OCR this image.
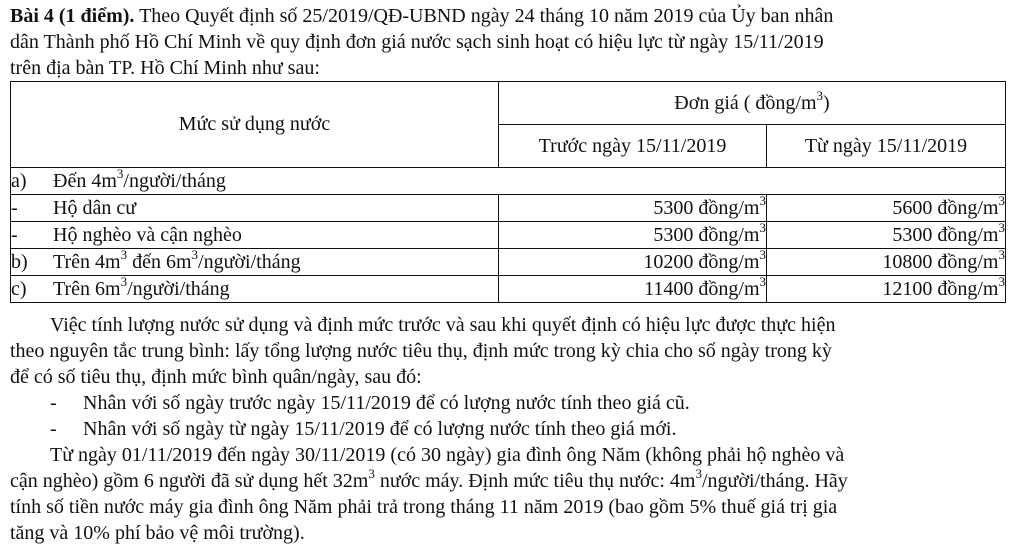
Bài 4 (1 điểm). Theo Quyết định số 25/2019/QĐ-UBND ngày 24 tháng 10 năm 2019 của Ủy ban nhân
dân Thành phố Hồ Chí Minh về quy định đơn giá nước sạch sinh hoạt có hiệu lực từ ngày 15/11/2019
trên địa bàn TP. Hồ Chí Minh như sau:

Mức sử dụng nước	Đơn giá ( đồng/$m^3$)	
	Trước ngày 15/11/2019	Từ ngày 15/11/2019
a) Đến $4m^3/người$/tháng		
- Hộ dân cư	5300 đồng/$m^3$	5600 đồng/$m^3$
- Hộ nghèo và cận nghèo	5300 đồng/$m^3$	5300 đồng/$m^3$
b) Trên $4m^3$ đến $6m^3/người$/tháng	10200 đồng/$m^3$	10800 đồng/$m^3$
c) Trên $6m^3/người$/tháng	11400 đồng/$m^3$	12100 đồng/$m^3$

Việc tính lượng nước sử dụng và định mức trước và sau khi quyết định có hiệu lực được thực hiện

theo nguyên tắc trung bình: lấy tổng lượng nước tiêu thụ, định mức trong kỳ chia cho số ngày trong kỳ
để có số tiêu thụ, định mức bình quân/ngày, sau đó:

- Nhân với số ngày trước ngày 15/11/2019 để có lượng nước tính theo giá cũ.

- Nhân với số ngày từ ngày 15/11/2019 để có lượng nước tính theo giá mới.

Từ ngày 01/11/2019 đến ngày 30/11/2019 (có 30 ngày) gia đình ông Năm (không phải hộ nghèo và

cận nghèo) gồm 6 người đã sử dụng hết $32m^3$ nước máy. Định mức tiêu thụ nước: $4m^3/người$/tháng. Hãy
tính số tiền nước máy gia đình ông Năm phải trả trong tháng 11 năm 2019 (bao gồm 5% thuế giá trị gia
tăng và 10% phí bảo vệ môi trường).
